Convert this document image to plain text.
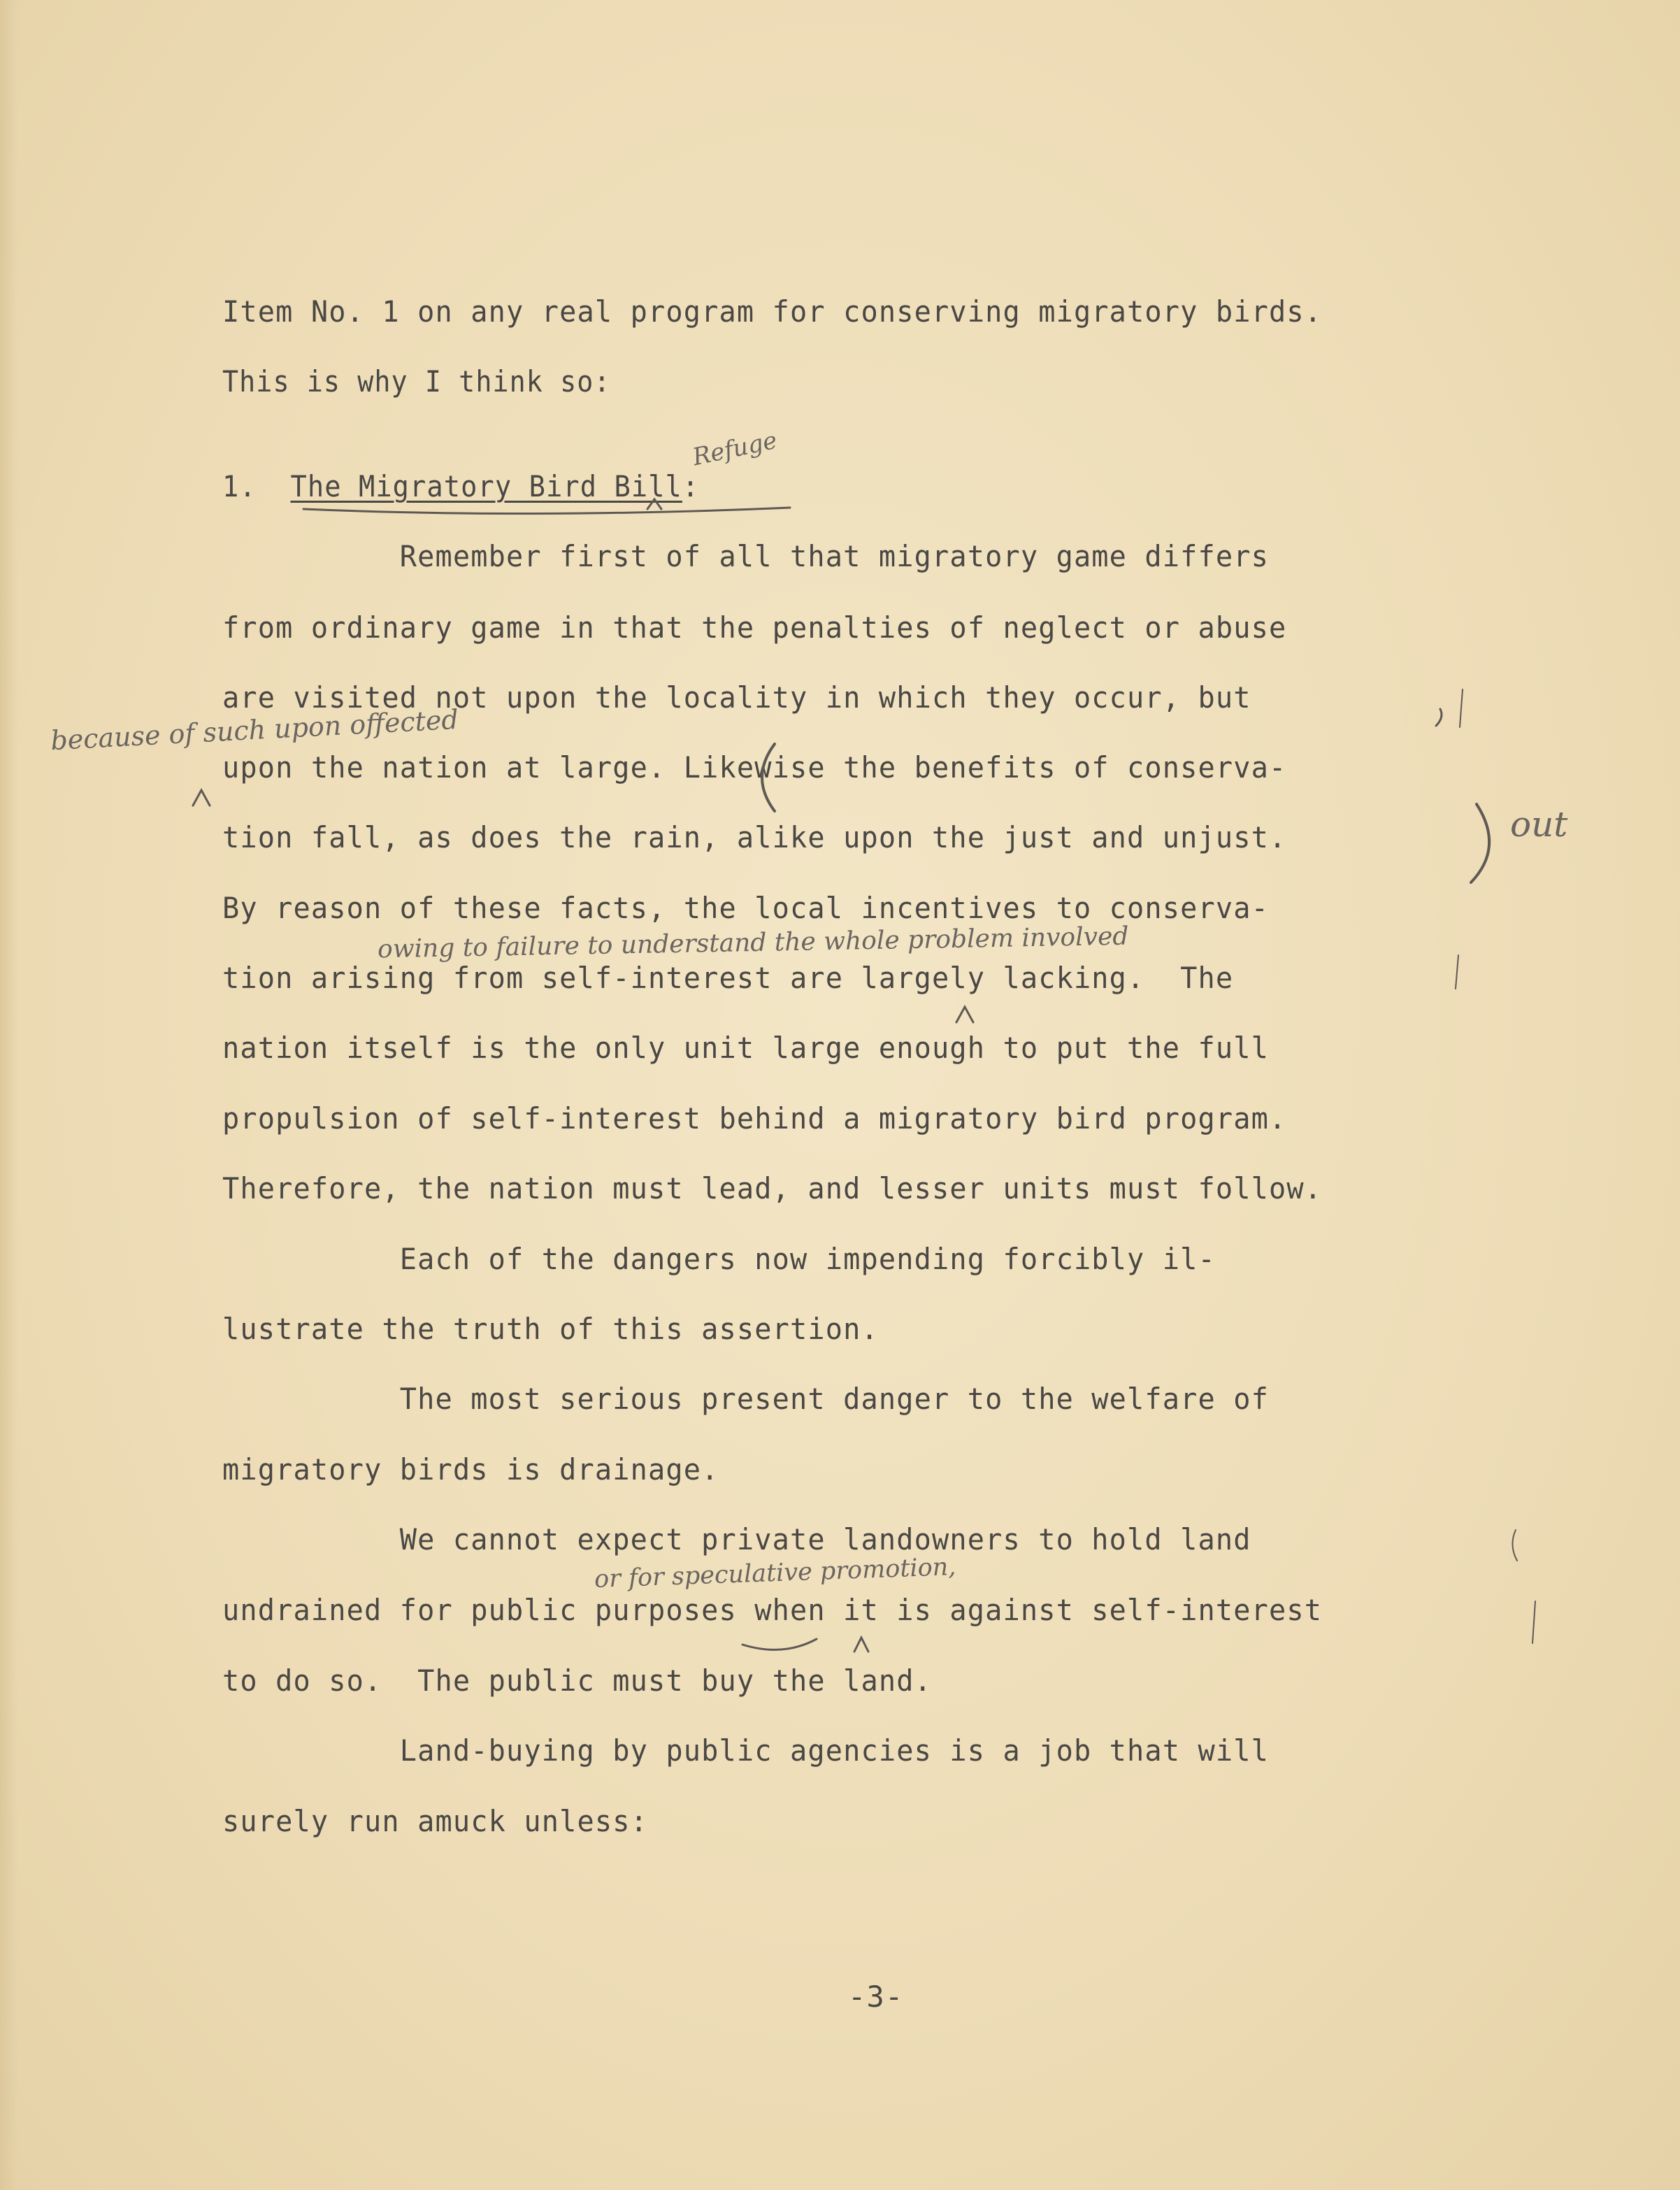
Item No. 1 on any real program for conserving migratory birds.
This is why I think so:
1.  The Migratory Bird Bill:
Remember first of all that migratory game differs
from ordinary game in that the penalties of neglect or abuse
are visited not upon the locality in which they occur, but
upon the nation at large. Likewise the benefits of conserva-
tion fall, as does the rain, alike upon the just and unjust.
By reason of these facts, the local incentives to conserva-
tion arising from self-interest are largely lacking.  The
nation itself is the only unit large enough to put the full
propulsion of self-interest behind a migratory bird program.
Therefore, the nation must lead, and lesser units must follow.
Each of the dangers now impending forcibly il-
lustrate the truth of this assertion.
The most serious present danger to the welfare of
migratory birds is drainage.
We cannot expect private landowners to hold land
undrained for public purposes when it is against self-interest
to do so.  The public must buy the land.
Land-buying by public agencies is a job that will
surely run amuck unless:
Refuge
because of such upon offected
out
owing to failure to understand the whole problem involved
or for speculative promotion,
-3-
